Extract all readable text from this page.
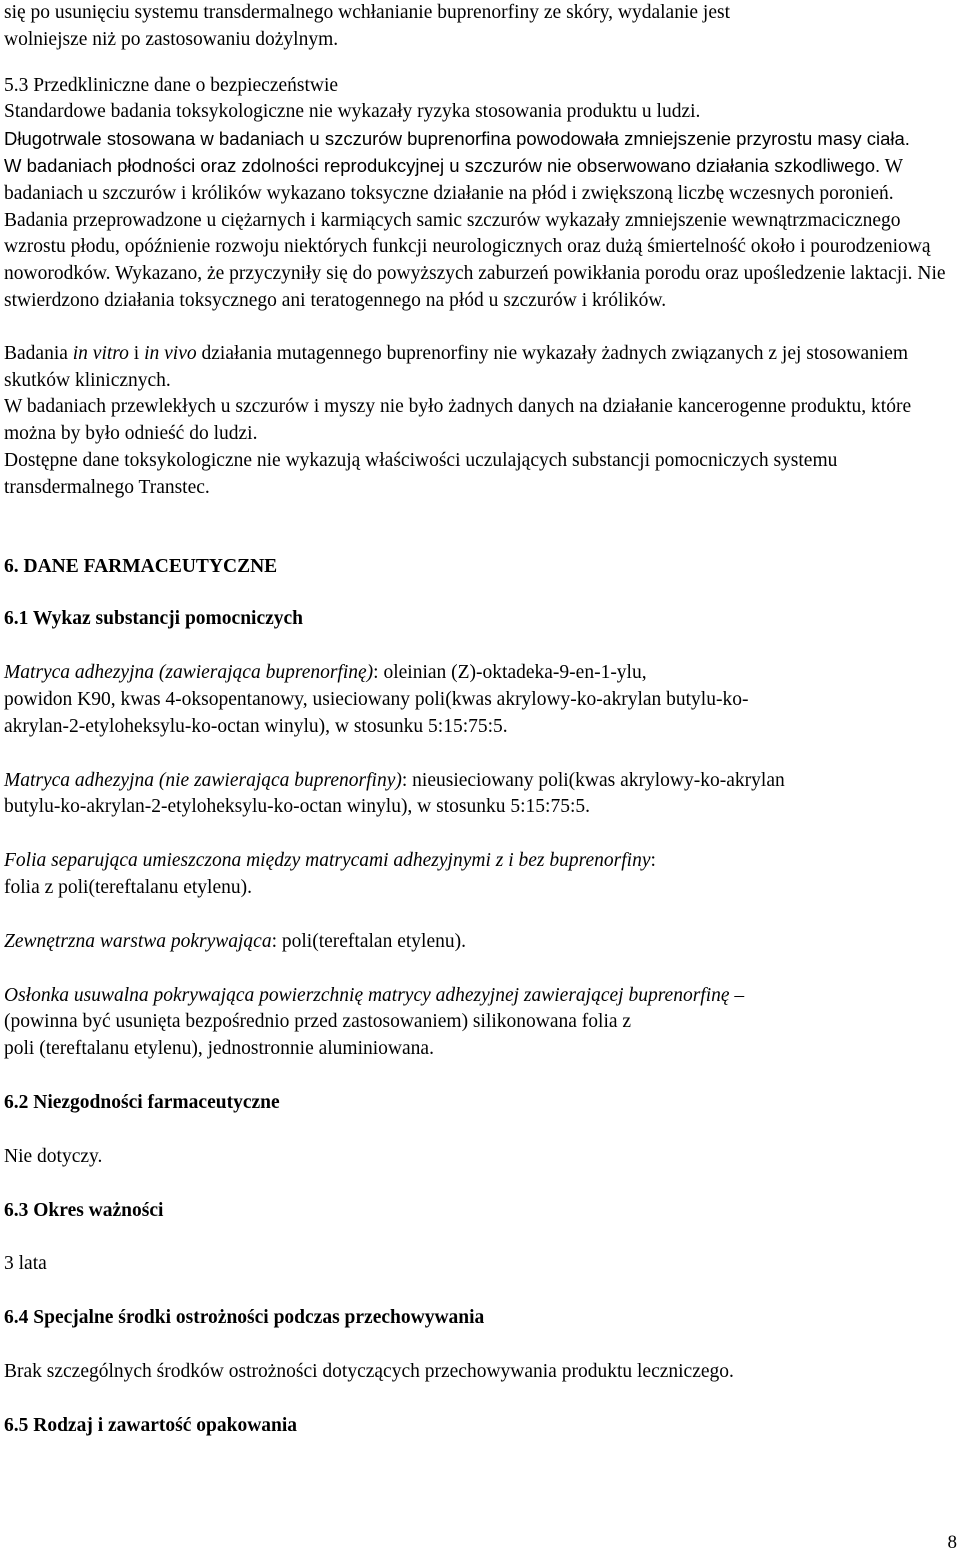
się po usunięciu systemu transdermalnego wchłanianie buprenorfiny ze skóry, wydalanie jest
wolniejsze niż po zastosowaniu dożylnym.

5.3 Przedkliniczne dane o bezpieczeństwie

Standardowe badania toksykologiczne nie wykazały ryzyka stosowania produktu u ludzi.

Długotrwale stosowana w badaniach u szczurów buprenorfina powodowała zmniejszenie przyrostu masy ciała.

W badaniach płodności oraz zdolności reprodukcyjnej u szczurów nie obserwowano działania szkodliwego. W badaniach u szczurów i królików wykazano toksyczne działanie na płód i zwiększoną liczbę wczesnych poronień.

Badania przeprowadzone u ciężarnych i karmiących samic szczurów wykazały zmniejszenie wewnątrzmacicznego wzrostu płodu, opóźnienie rozwoju niektórych funkcji neurologicznych oraz dużą śmiertelność około i pourodzeniową noworodków. Wykazano, że przyczyniły się do powyższych zaburzeń powikłania porodu oraz upośledzenie laktacji. Nie stwierdzono działania toksycznego ani teratogennego na płód u szczurów i królików.

Badania in vitro i in vivo działania mutagennego buprenorfiny nie wykazały żadnych związanych z jej stosowaniem skutków klinicznych.

W badaniach przewlekłych u szczurów i myszy nie było żadnych danych na działanie kancerogenne produktu, które można by było odnieść do ludzi.

Dostępne dane toksykologiczne nie wykazują właściwości uczulających substancji pomocniczych systemu transdermalnego Transtec.

6. DANE FARMACEUTYCZNE

6.1 Wykaz substancji pomocniczych

Matryca adhezyjna (zawierająca buprenorfinę): oleinian (Z)-oktadeka-9-en-1-ylu,
powidon K90, kwas 4-oksopentanowy, usieciowany poli(kwas akrylowy-ko-akrylan butylu-ko-
akrylan-2-etyloheksylu-ko-octan winylu), w stosunku 5:15:75:5.

Matryca adhezyjna (nie zawierająca buprenorfiny): nieusieciowany poli(kwas akrylowy-ko-akrylan
butylu-ko-akrylan-2-etyloheksylu-ko-octan winylu), w stosunku 5:15:75:5.

Folia separująca umieszczona między matrycami adhezyjnymi z i bez buprenorfiny:
folia z poli(tereftalanu etylenu).

Zewnętrzna warstwa pokrywająca: poli(tereftalan etylenu).

Osłonka usuwalna pokrywająca powierzchnię matrycy adhezyjnej zawierającej buprenorfinę –
(powinna być usunięta bezpośrednio przed zastosowaniem) silikonowana folia z
poli (tereftalanu etylenu), jednostronnie aluminiowana.

6.2 Niezgodności farmaceutyczne

Nie dotyczy.

6.3 Okres ważności

3 lata

6.4 Specjalne środki ostrożności podczas przechowywania

Brak szczególnych środków ostrożności dotyczących przechowywania produktu leczniczego.

6.5 Rodzaj i zawartość opakowania

8
